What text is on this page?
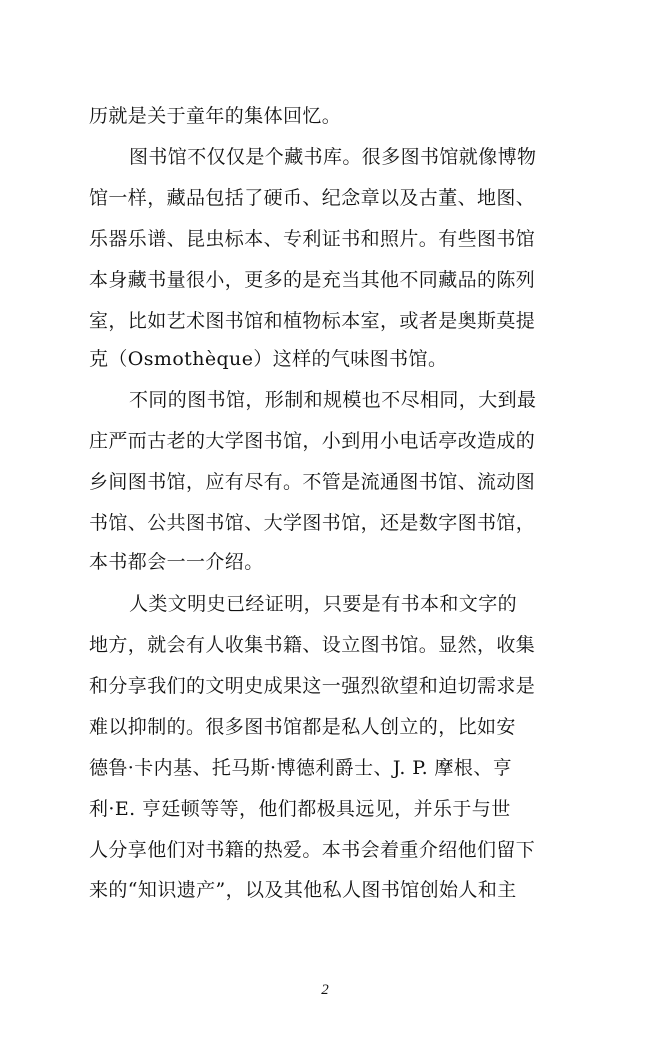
历就是关于童年的集体回忆。
图书馆不仅仅是个藏书库。很多图书馆就像博物
馆一样，藏品包括了硬币、纪念章以及古董、地图、
乐器乐谱、昆虫标本、专利证书和照片。有些图书馆
本身藏书量很小，更多的是充当其他不同藏品的陈列
室，比如艺术图书馆和植物标本室，或者是奥斯莫提
克（Osmothèque）这样的气味图书馆。
不同的图书馆，形制和规模也不尽相同，大到最
庄严而古老的大学图书馆，小到用小电话亭改造成的
乡间图书馆，应有尽有。不管是流通图书馆、流动图
书馆、公共图书馆、大学图书馆，还是数字图书馆，
本书都会一一介绍。
人类文明史已经证明，只要是有书本和文字的
地方，就会有人收集书籍、设立图书馆。显然，收集
和分享我们的文明史成果这一强烈欲望和迫切需求是
难以抑制的。很多图书馆都是私人创立的，比如安
德鲁·卡内基、托马斯·博德利爵士、J. P. 摩根、亨
利·E. 亨廷顿等等，他们都极具远见，并乐于与世
人分享他们对书籍的热爱。本书会着重介绍他们留下
来的“知识遗产”，以及其他私人图书馆创始人和主
2
